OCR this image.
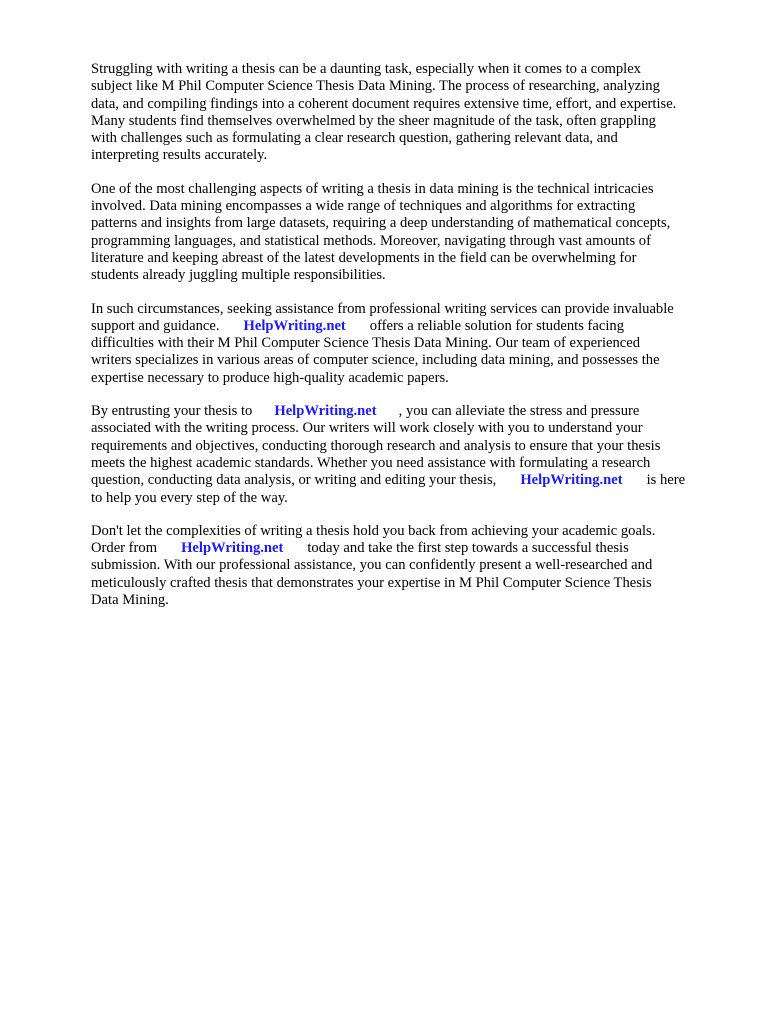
Struggling with writing a thesis can be a daunting task, especially when it comes to a complex
subject like M Phil Computer Science Thesis Data Mining. The process of researching, analyzing
data, and compiling findings into a coherent document requires extensive time, effort, and expertise.
Many students find themselves overwhelmed by the sheer magnitude of the task, often grappling
with challenges such as formulating a clear research question, gathering relevant data, and
interpreting results accurately.

One of the most challenging aspects of writing a thesis in data mining is the technical intricacies
involved. Data mining encompasses a wide range of techniques and algorithms for extracting
patterns and insights from large datasets, requiring a deep understanding of mathematical concepts,
programming languages, and statistical methods. Moreover, navigating through vast amounts of
literature and keeping abreast of the latest developments in the field can be overwhelming for
students already juggling multiple responsibilities.

In such circumstances, seeking assistance from professional writing services can provide invaluable
support and guidance. HelpWriting.net offers a reliable solution for students facing
difficulties with their M Phil Computer Science Thesis Data Mining. Our team of experienced
writers specializes in various areas of computer science, including data mining, and possesses the
expertise necessary to produce high-quality academic papers.

By entrusting your thesis to HelpWriting.net , you can alleviate the stress and pressure
associated with the writing process. Our writers will work closely with you to understand your
requirements and objectives, conducting thorough research and analysis to ensure that your thesis
meets the highest academic standards. Whether you need assistance with formulating a research
question, conducting data analysis, or writing and editing your thesis, HelpWriting.net is here
to help you every step of the way.

Don't let the complexities of writing a thesis hold you back from achieving your academic goals.
Order from HelpWriting.net today and take the first step towards a successful thesis
submission. With our professional assistance, you can confidently present a well-researched and
meticulously crafted thesis that demonstrates your expertise in M Phil Computer Science Thesis
Data Mining.
